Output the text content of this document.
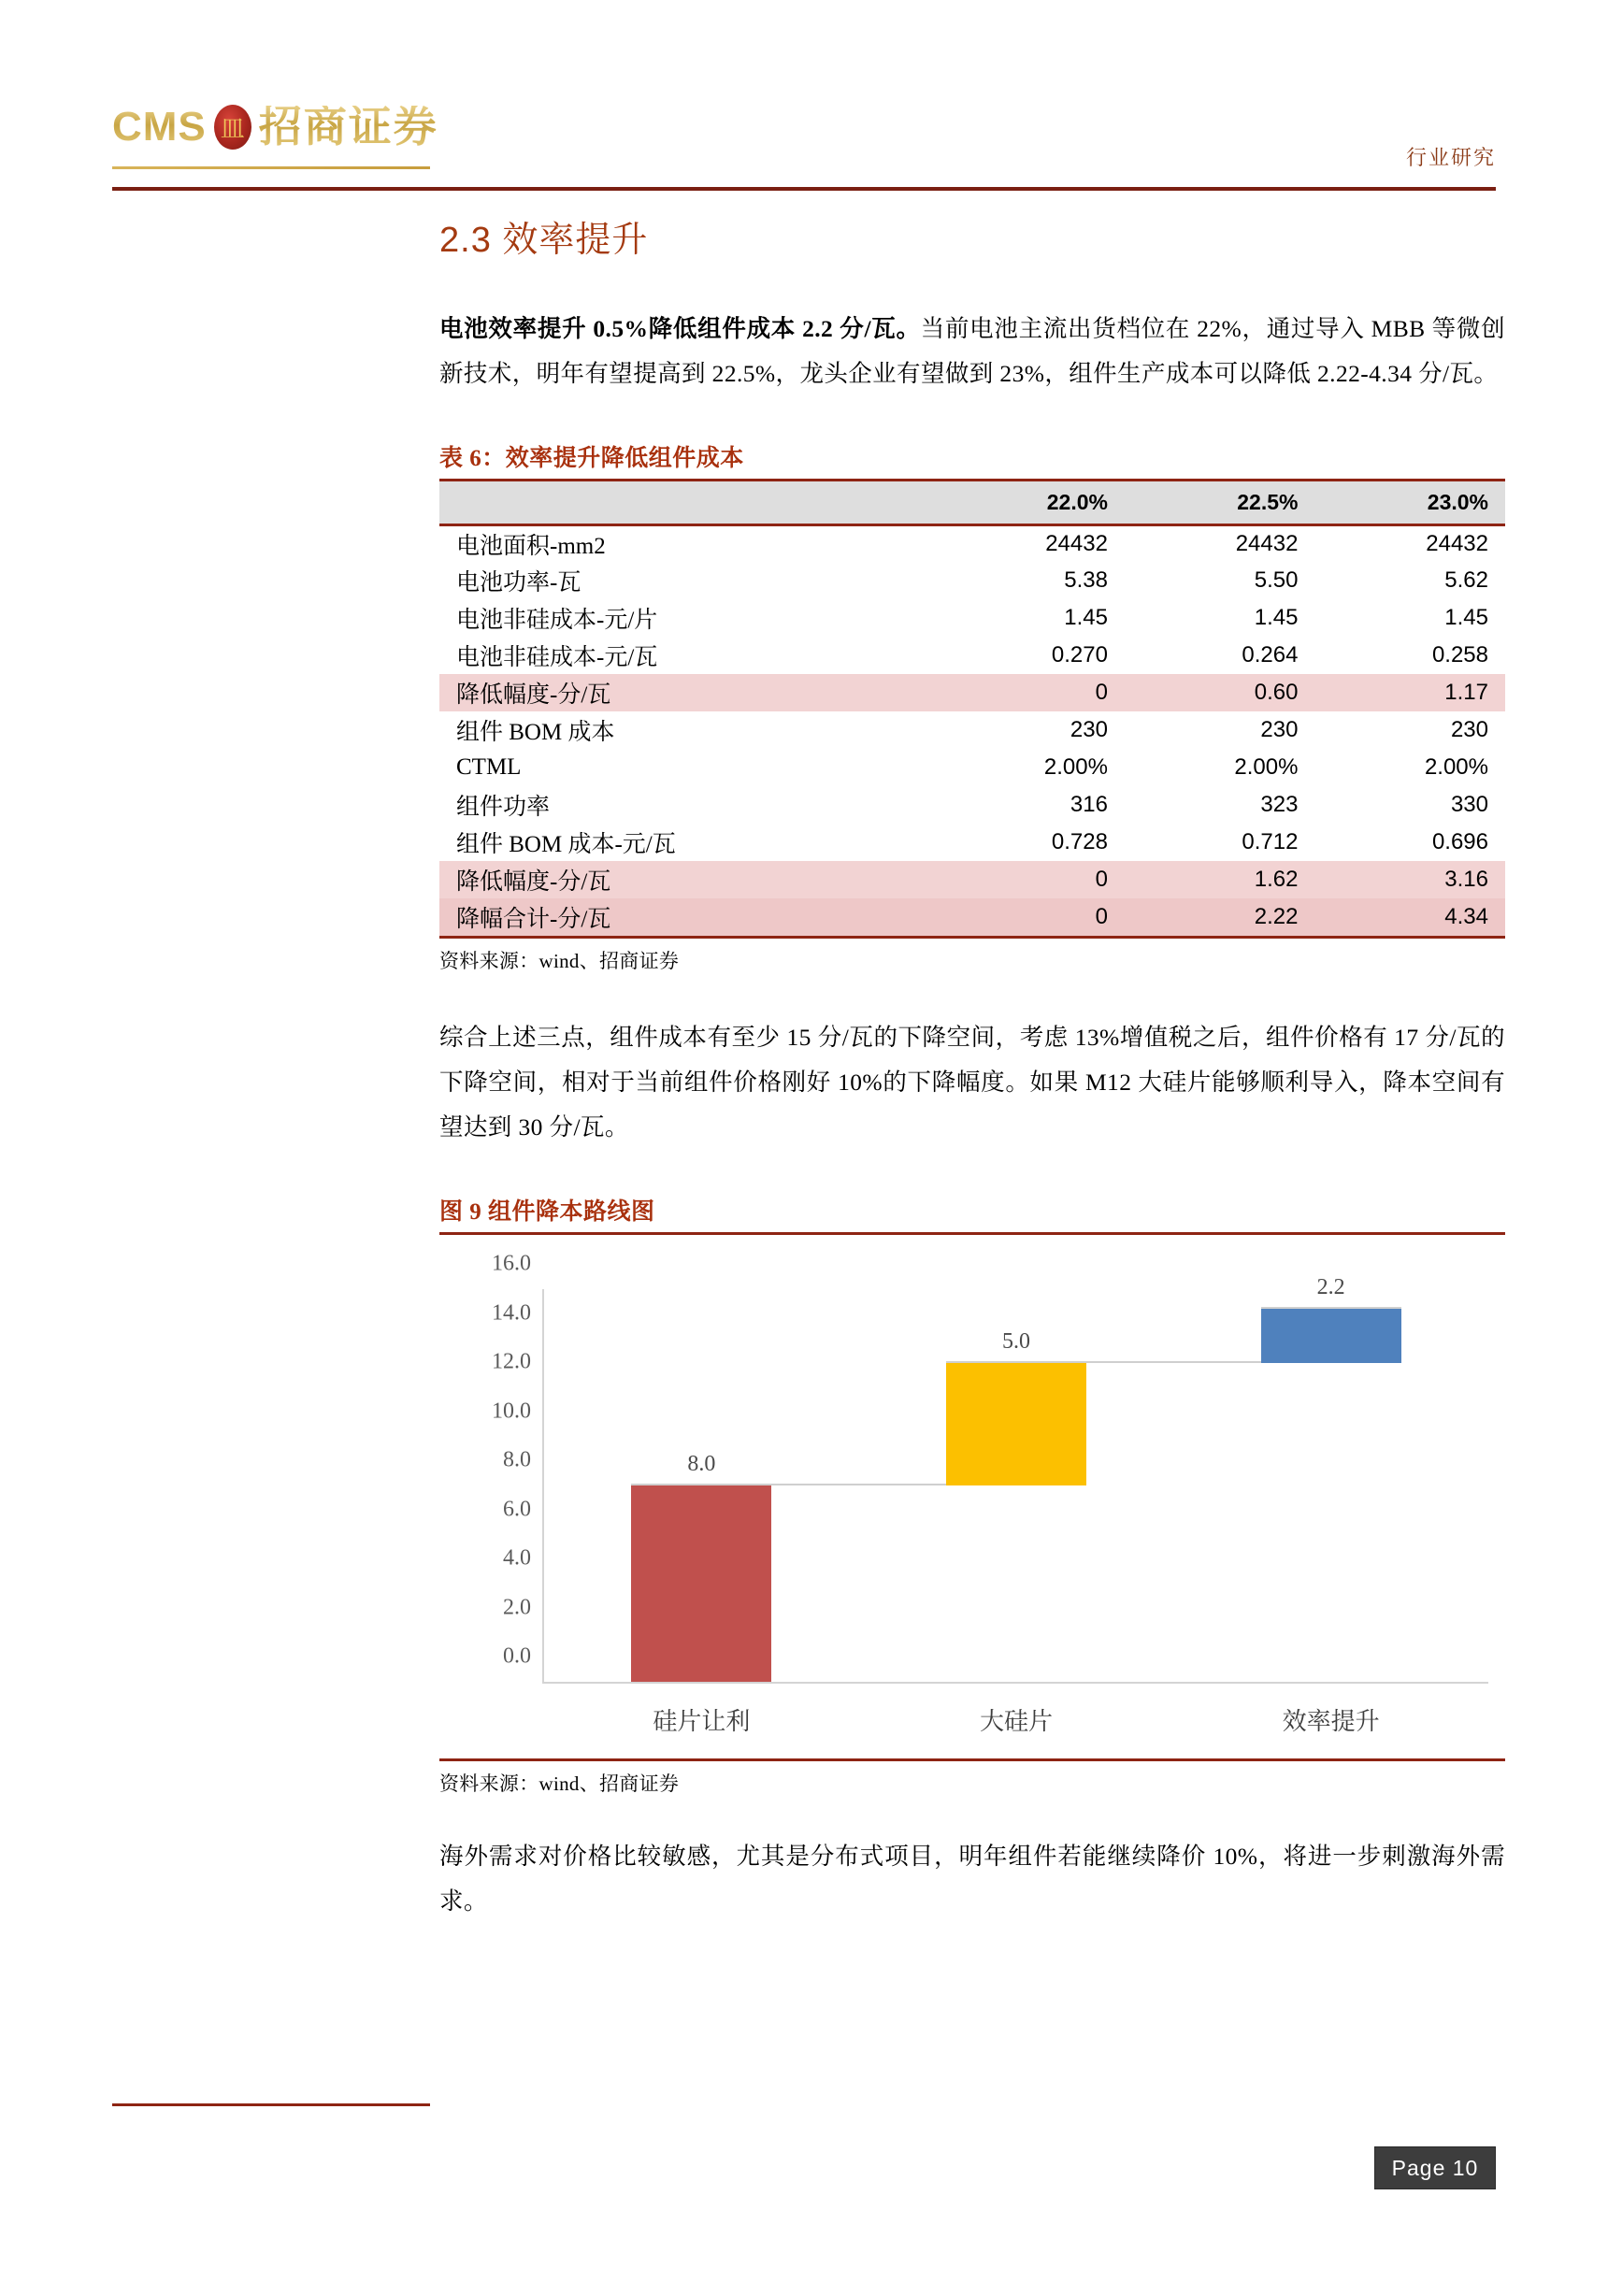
CMS 皿 招商证券
行业研究
2.3 效率提升

电池效率提升 0.5%降低组件成本 2.2 分/瓦。当前电池主流出货档位在 22%，通过导入 MBB 等微创新技术，明年有望提高到 22.5%，龙头企业有望做到 23%，组件生产成本可以降低 2.22-4.34 分/瓦。

表 6：效率提升降低组件成本
	22.0%	22.5%	23.0%
电池面积-mm2	24432	24432	24432
电池功率-瓦	5.38	5.50	5.62
电池非硅成本-元/片	1.45	1.45	1.45
电池非硅成本-元/瓦	0.270	0.264	0.258
降低幅度-分/瓦	0	0.60	1.17
组件 BOM 成本	230	230	230
CTML	2.00%	2.00%	2.00%
组件功率	316	323	330
组件 BOM 成本-元/瓦	0.728	0.712	0.696
降低幅度-分/瓦	0	1.62	3.16
降幅合计-分/瓦	0	2.22	4.34
资料来源：wind、招商证券

综合上述三点，组件成本有至少 15 分/瓦的下降空间，考虑 13%增值税之后，组件价格有 17 分/瓦的下降空间，相对于当前组件价格刚好 10%的下降幅度。如果 M12 大硅片能够顺利导入，降本空间有望达到 30 分/瓦。

图 9 组件降本路线图
0.0
2.0
4.0
6.0
8.0
10.0
12.0
14.0
16.0
8.0
硅片让利
5.0
大硅片
2.2
效率提升
资料来源：wind、招商证券

海外需求对价格比较敏感，尤其是分布式项目，明年组件若能继续降价 10%，将进一步刺激海外需求。

Page 10
